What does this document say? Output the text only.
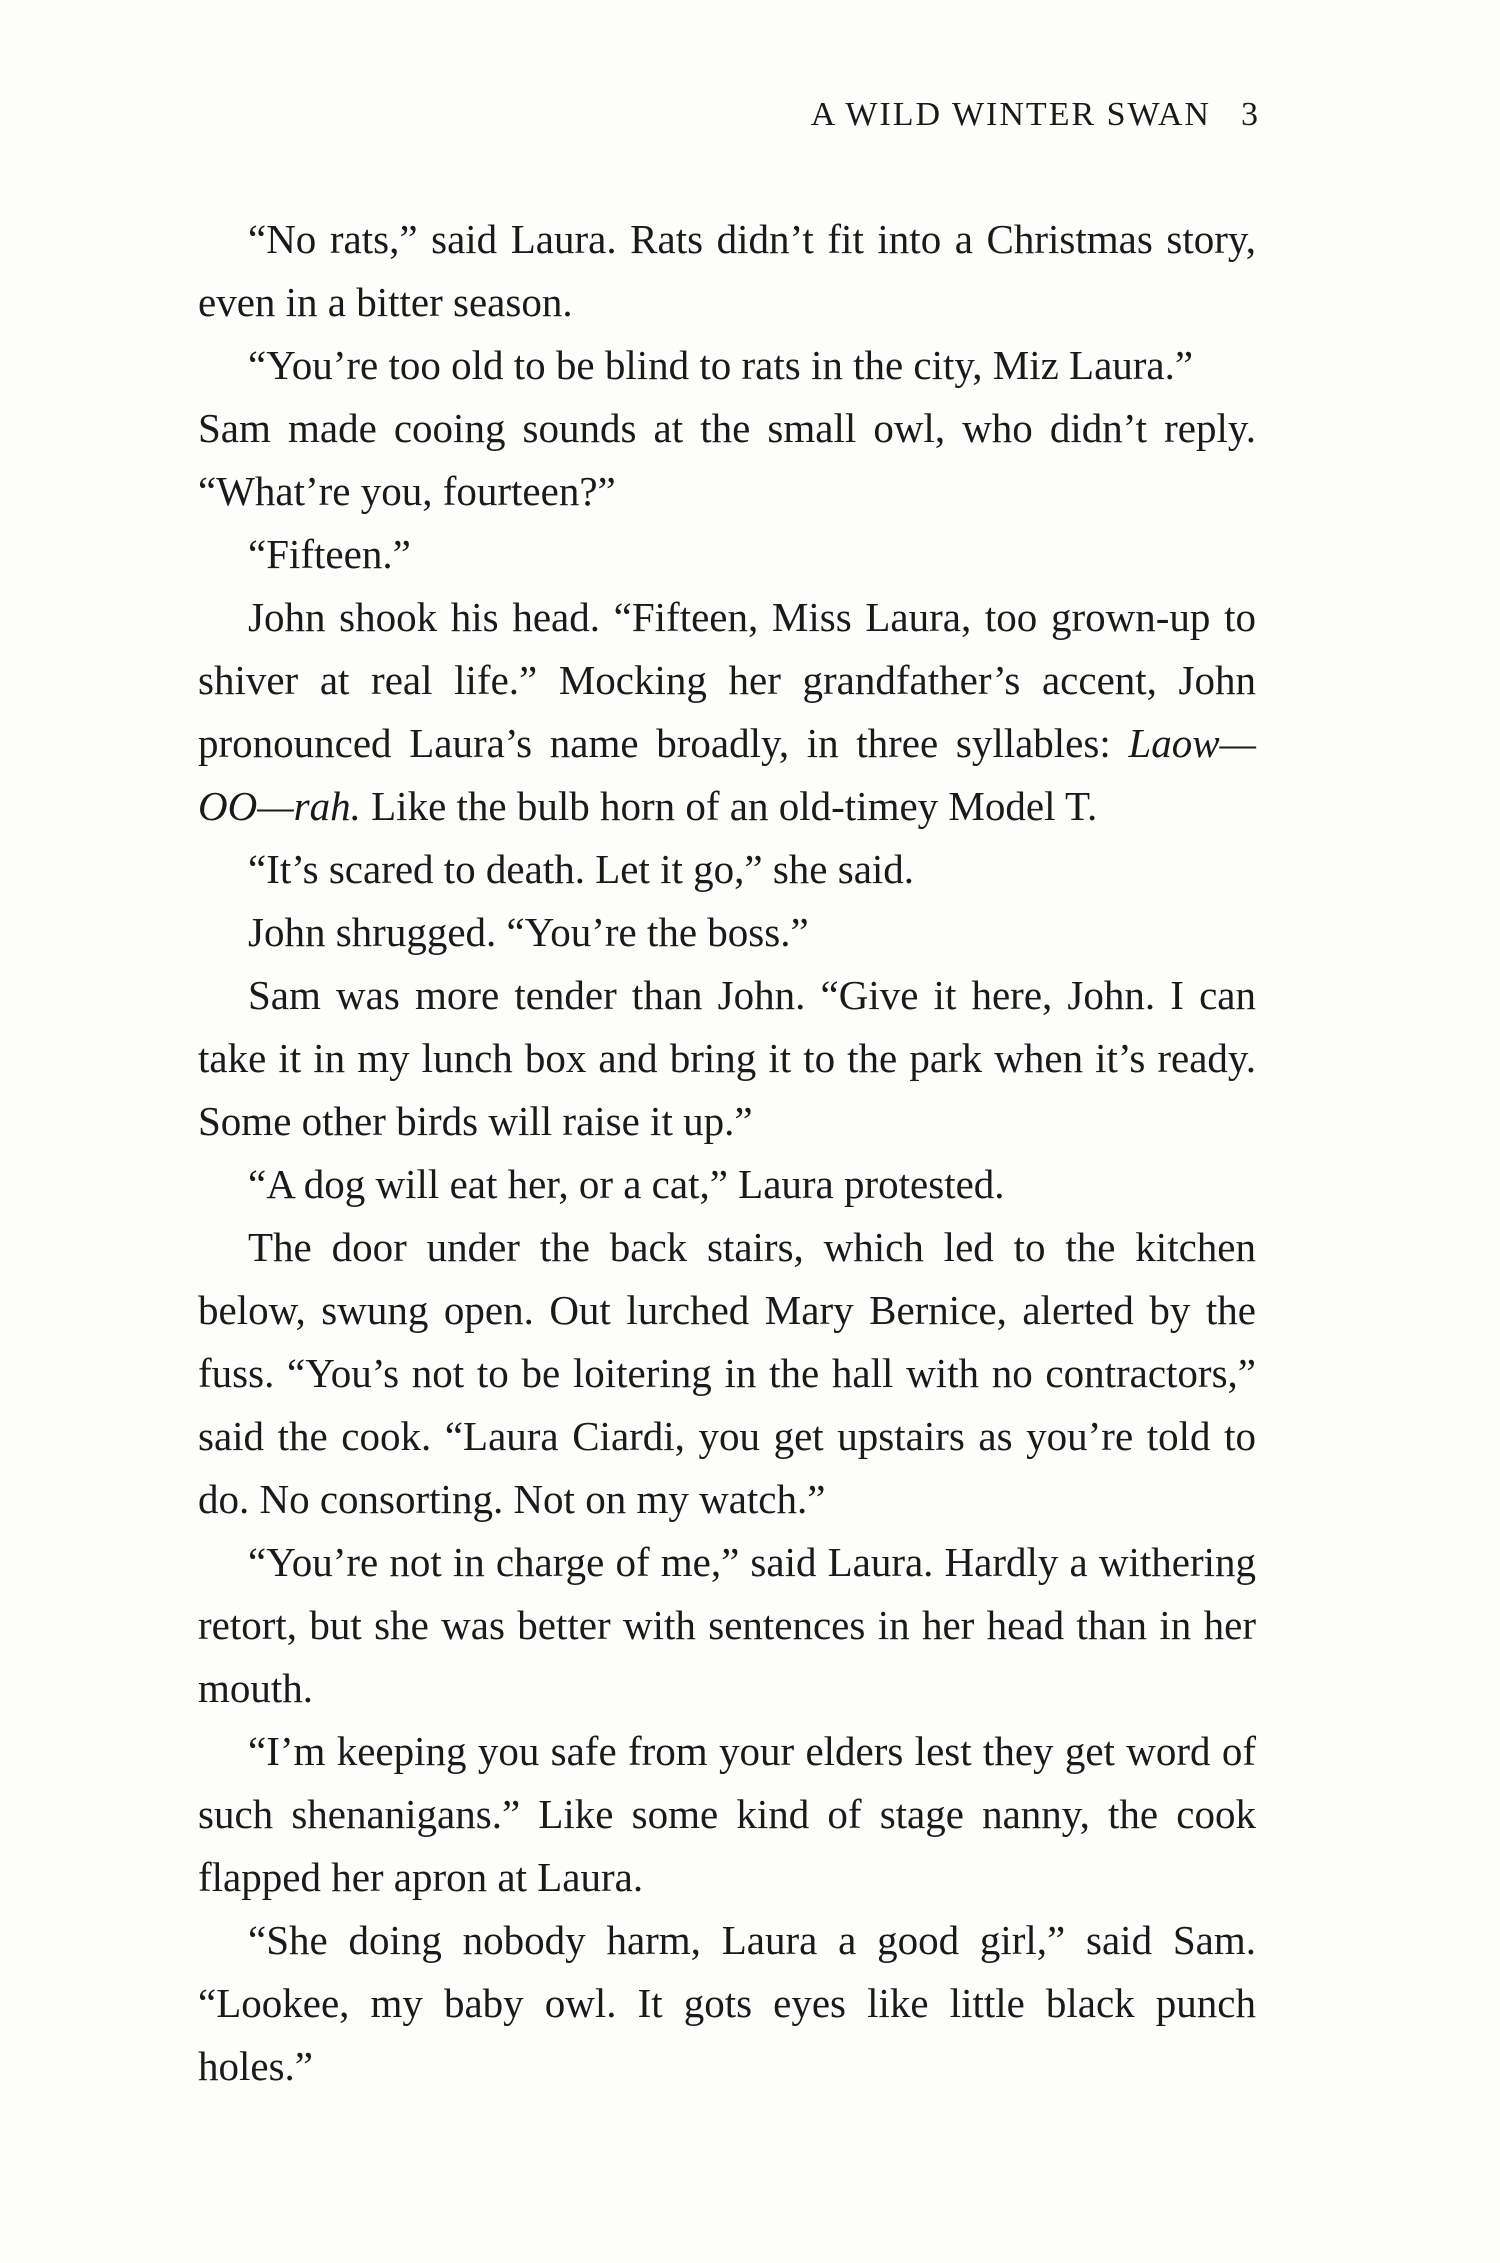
A WILD WINTER SWAN 3

“No rats,” said Laura. Rats didn’t fit into a Christmas story, even in a bitter season.

“You’re too old to be blind to rats in the city, Miz Laura.”

Sam made cooing sounds at the small owl, who didn’t reply. “What’re you, fourteen?”

“Fifteen.”

John shook his head. “Fifteen, Miss Laura, too grown-up to shiver at real life.” Mocking her grandfather’s accent, John pronounced Laura’s name broadly, in three syllables: Laow—OO—rah. Like the bulb horn of an old-timey Model T.

“It’s scared to death. Let it go,” she said.

John shrugged. “You’re the boss.”

Sam was more tender than John. “Give it here, John. I can take it in my lunch box and bring it to the park when it’s ready. Some other birds will raise it up.”

“A dog will eat her, or a cat,” Laura protested.

The door under the back stairs, which led to the kitchen below, swung open. Out lurched Mary Bernice, alerted by the fuss. “You’s not to be loitering in the hall with no contractors,” said the cook. “Laura Ciardi, you get upstairs as you’re told to do. No consorting. Not on my watch.”

“You’re not in charge of me,” said Laura. Hardly a withering retort, but she was better with sentences in her head than in her mouth.

“I’m keeping you safe from your elders lest they get word of such shenanigans.” Like some kind of stage nanny, the cook flapped her apron at Laura.

“She doing nobody harm, Laura a good girl,” said Sam. “Lookee, my baby owl. It gots eyes like little black punch holes.”
